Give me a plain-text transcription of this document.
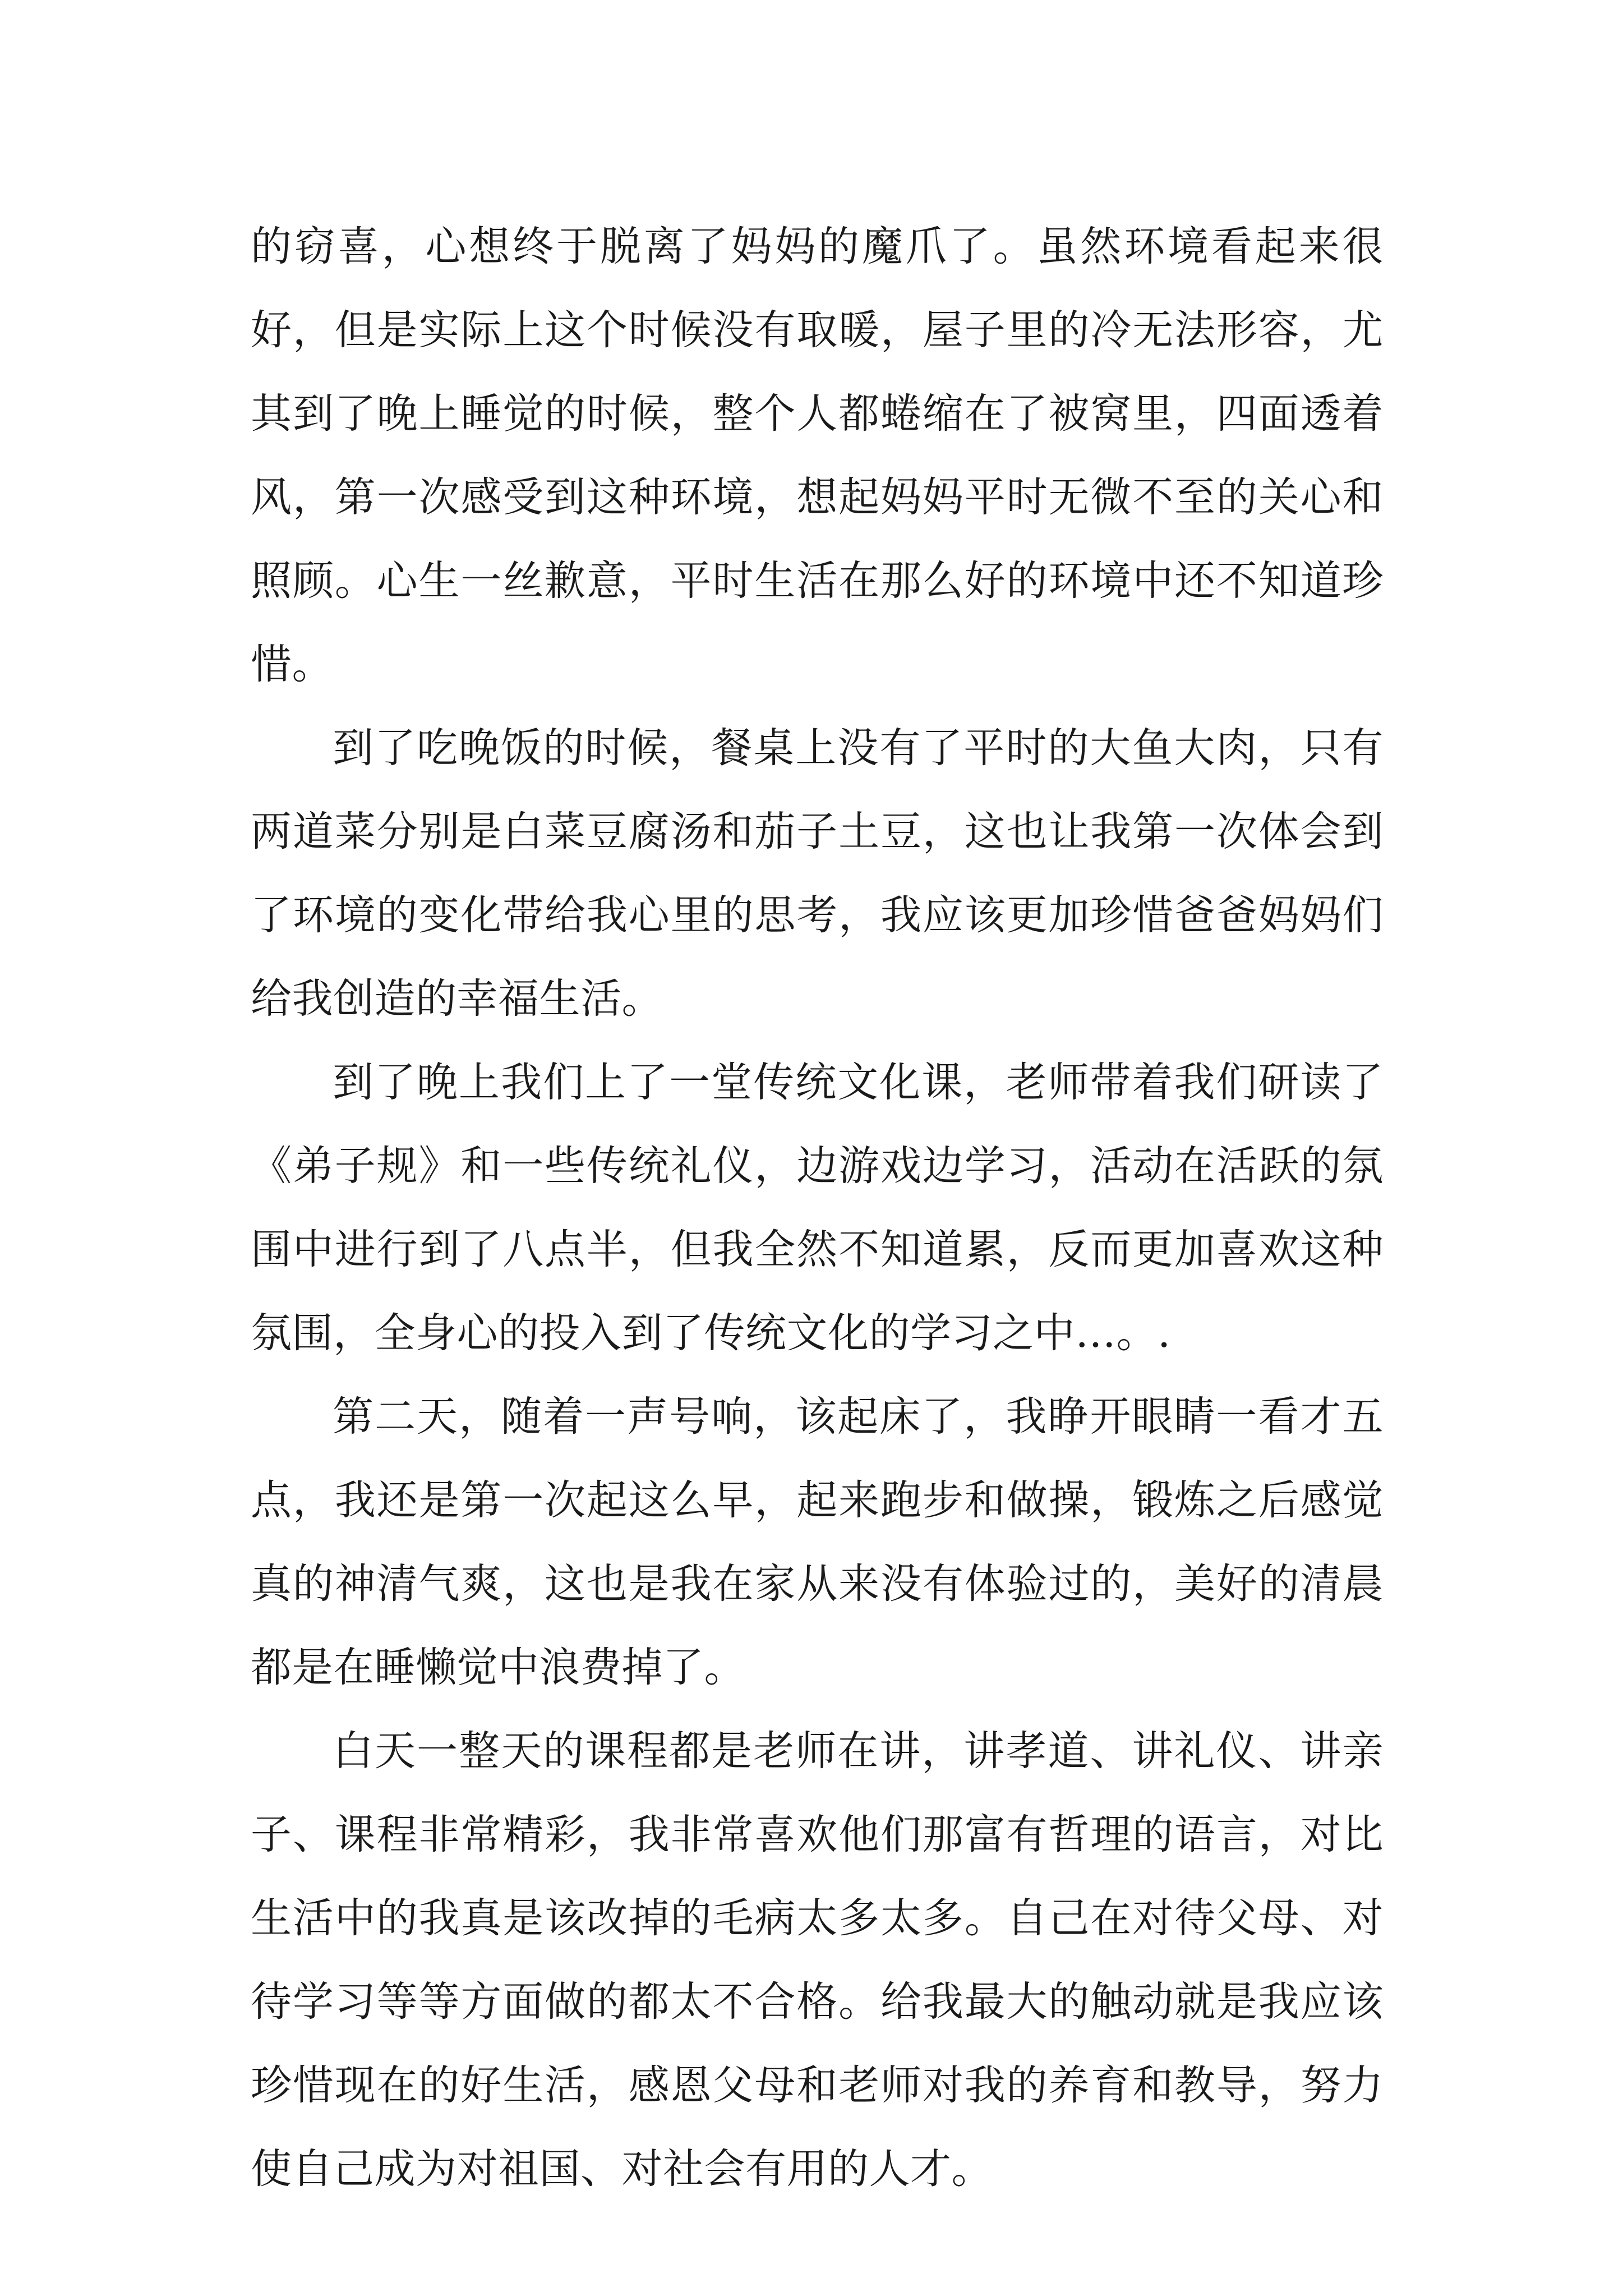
的窃喜，心想终于脱离了妈妈的魔爪了。虽然环境看起来很好，但是实际上这个时候没有取暖，屋子里的冷无法形容，尤其到了晚上睡觉的时候，整个人都蜷缩在了被窝里，四面透着风，第一次感受到这种环境，想起妈妈平时无微不至的关心和照顾。心生一丝歉意，平时生活在那么好的环境中还不知道珍惜。

到了吃晚饭的时候，餐桌上没有了平时的大鱼大肉，只有两道菜分别是白菜豆腐汤和茄子土豆，这也让我第一次体会到了环境的变化带给我心里的思考，我应该更加珍惜爸爸妈妈们给我创造的幸福生活。

到了晚上我们上了一堂传统文化课，老师带着我们研读了《弟子规》和一些传统礼仪，边游戏边学习，活动在活跃的氛围中进行到了八点半，但我全然不知道累，反而更加喜欢这种氛围，全身心的投入到了传统文化的学习之中…。.

第二天，随着一声号响，该起床了，我睁开眼睛一看才五点，我还是第一次起这么早，起来跑步和做操，锻炼之后感觉真的神清气爽，这也是我在家从来没有体验过的，美好的清晨都是在睡懒觉中浪费掉了。

白天一整天的课程都是老师在讲，讲孝道、讲礼仪、讲亲子、课程非常精彩，我非常喜欢他们那富有哲理的语言，对比生活中的我真是该改掉的毛病太多太多。自己在对待父母、对待学习等等方面做的都太不合格。给我最大的触动就是我应该珍惜现在的好生活，感恩父母和老师对我的养育和教导，努力使自己成为对祖国、对社会有用的人才。
